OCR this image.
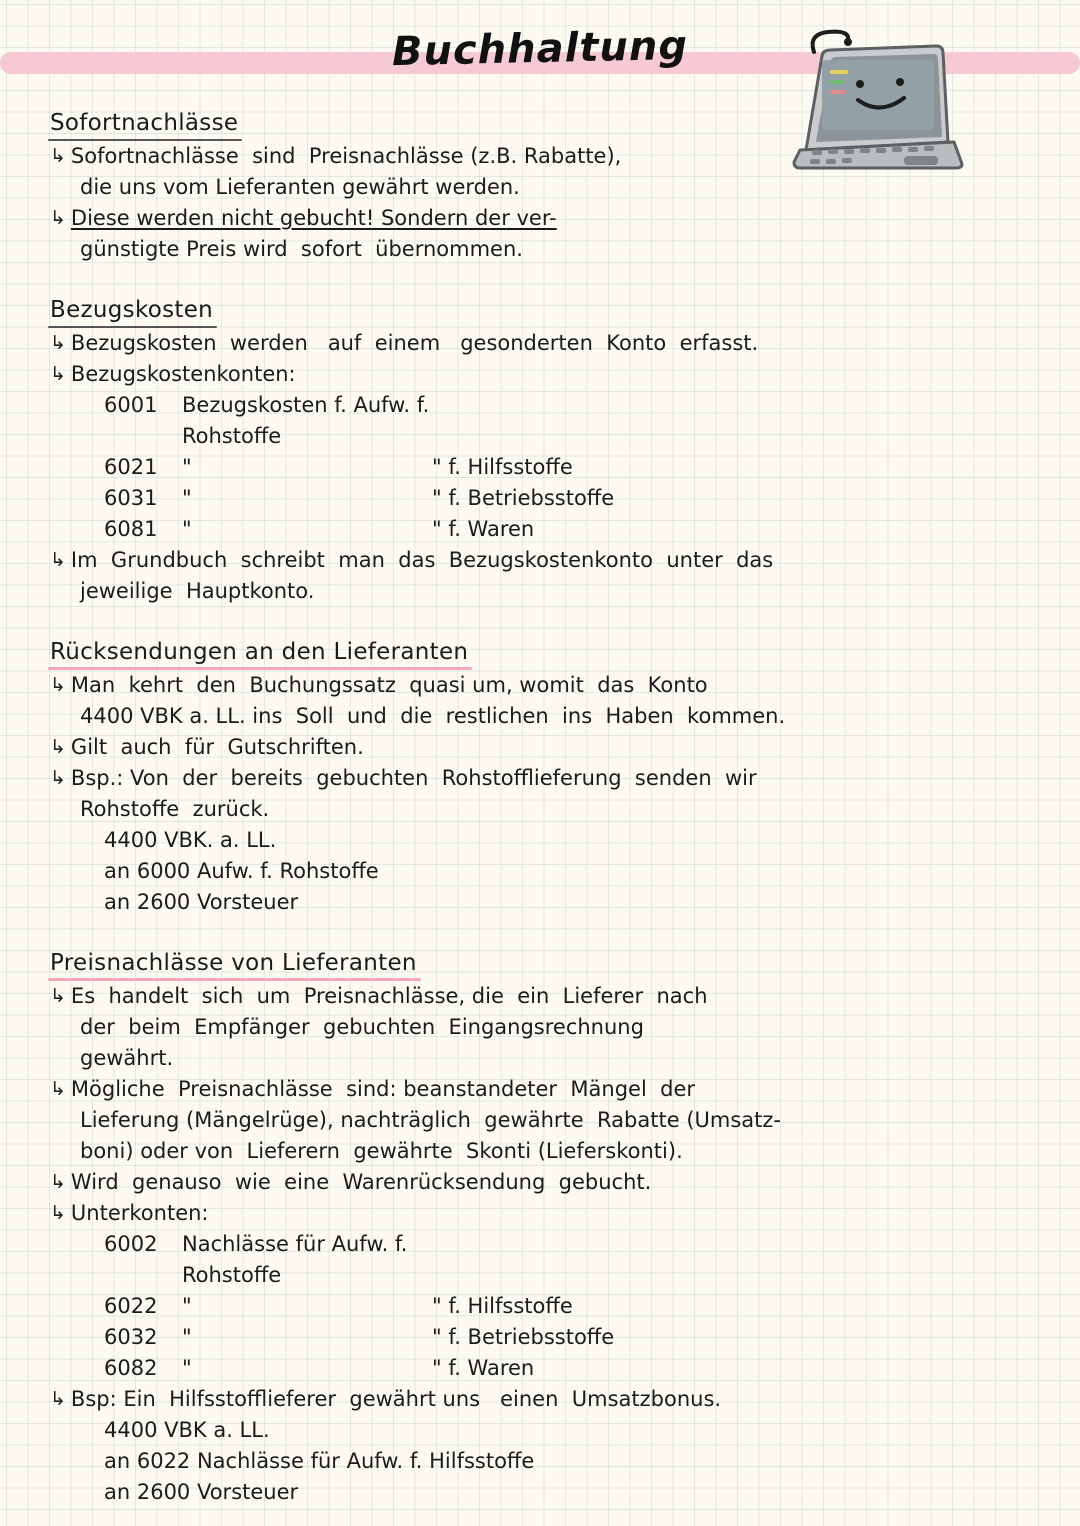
Buchhaltung
Sofortnachlässe
↳ Sofortnachlässe  sind  Preisnachlässe (z.B. Rabatte),
die uns vom Lieferanten gewährt werden.
↳ Diese werden nicht gebucht! Sondern der ver-
günstigte Preis wird  sofort  übernommen.
Bezugskosten
↳ Bezugskosten  werden   auf  einem   gesonderten  Konto  erfasst.
↳ Bezugskostenkonten:
6001	Bezugskosten f. Aufw. f. Rohstoffe
6021	"	" f. Hilfsstoffe
6031	"	" f. Betriebsstoffe
6081	"	" f. Waren
↳ Im  Grundbuch  schreibt  man  das  Bezugskostenkonto  unter  das
jeweilige  Hauptkonto.
Rücksendungen an den Lieferanten
↳ Man  kehrt  den  Buchungssatz  quasi um, womit  das  Konto
4400 VBK a. LL. ins  Soll  und  die  restlichen  ins  Haben  kommen.
↳ Gilt  auch  für  Gutschriften.
↳ Bsp.: Von  der  bereits  gebuchten  Rohstofflieferung  senden  wir
Rohstoffe  zurück.
4400 VBK. a. LL.
an 6000 Aufw. f. Rohstoffe
an 2600 Vorsteuer
Preisnachlässe von Lieferanten
↳ Es  handelt  sich  um  Preisnachlässe, die  ein  Lieferer  nach
der  beim  Empfänger  gebuchten  Eingangsrechnung
gewährt.
↳ Mögliche  Preisnachlässe  sind: beanstandeter  Mängel  der
Lieferung (Mängelrüge), nachträglich  gewährte  Rabatte (Umsatz-
boni) oder von  Lieferern  gewährte  Skonti (Lieferskonti).
↳ Wird  genauso  wie  eine  Warenrücksendung  gebucht.
↳ Unterkonten:
6002	Nachlässe für Aufw. f. Rohstoffe
6022	"	" f. Hilfsstoffe
6032	"	" f. Betriebsstoffe
6082	"	" f. Waren
↳ Bsp: Ein  Hilfsstofflieferer  gewährt uns   einen  Umsatzbonus.
4400 VBK a. LL.
an 6022 Nachlässe für Aufw. f. Hilfsstoffe
an 2600 Vorsteuer
